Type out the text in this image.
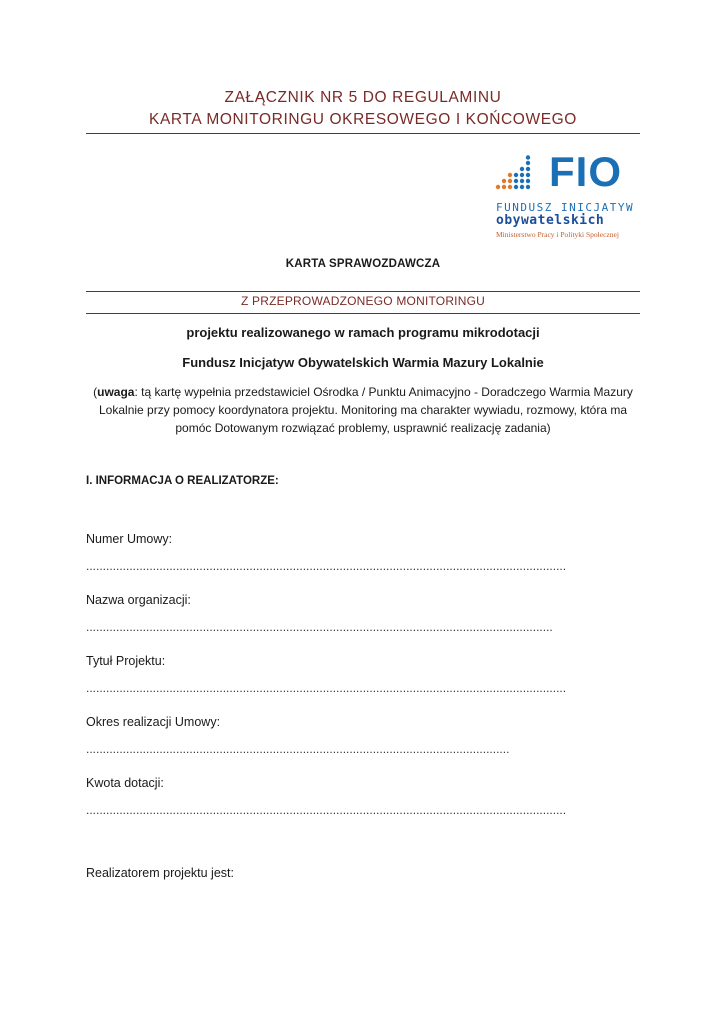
ZAŁĄCZNIK NR 5 DO REGULAMINU
KARTA MONITORINGU OKRESOWEGO I KOŃCOWEGO
FIO
FUNDUSZ INICJATYW
obywatelskich
Ministerstwo Pracy i Polityki Społecznej
KARTA SPRAWOZDAWCZA
Z PRZEPROWADZONEGO MONITORINGU
projektu realizowanego w ramach programu mikrodotacji
Fundusz Inicjatyw Obywatelskich Warmia Mazury Lokalnie
(uwaga: tą kartę wypełnia przedstawiciel Ośrodka / Punktu Animacyjno - Doradczego Warmia Mazury Lokalnie przy pomocy koordynatora projektu. Monitoring ma charakter wywiadu, rozmowy, która ma pomóc Dotowanym rozwiązać problemy, usprawnić realizację zadania)
I. INFORMACJA O REALIZATORZE:
Numer Umowy:
................................................................................................................................................
Nazwa organizacji:
............................................................................................................................................
Tytuł Projektu:
................................................................................................................................................
Okres realizacji Umowy:
...............................................................................................................................
Kwota dotacji:
................................................................................................................................................
Realizatorem projektu jest:
